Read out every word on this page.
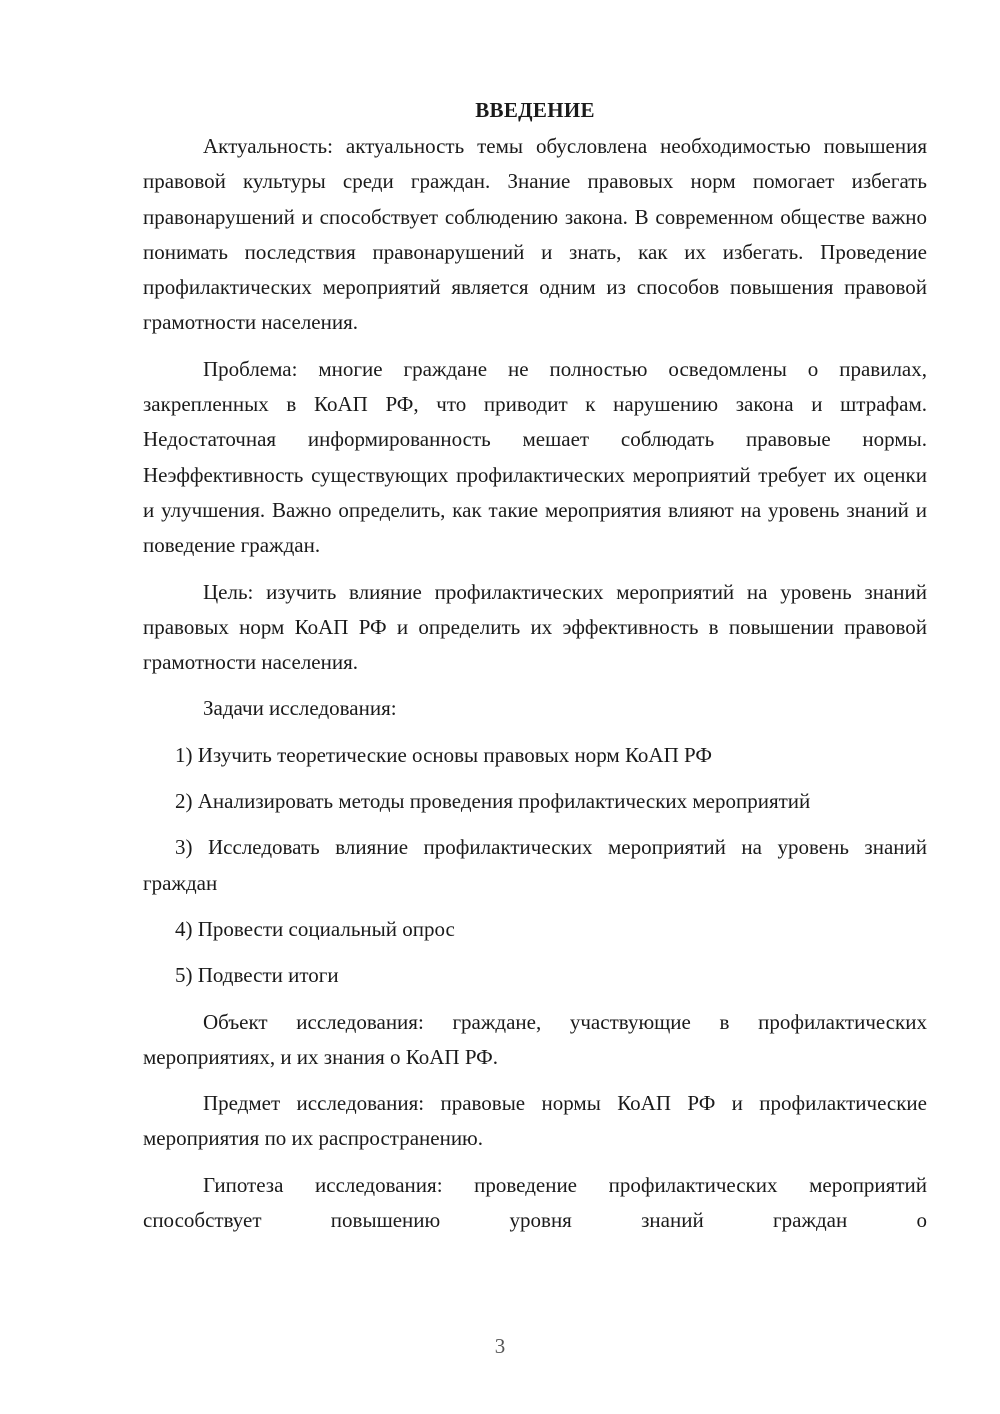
ВВЕДЕНИЕ

Актуальность: актуальность темы обусловлена необходимостью повышения правовой культуры среди граждан. Знание правовых норм помогает избегать правонарушений и способствует соблюдению закона. В современном обществе важно понимать последствия правонарушений и знать, как их избегать. Проведение профилактических мероприятий является одним из способов повышения правовой грамотности населения.

Проблема: многие граждане не полностью осведомлены о правилах, закрепленных в КоАП РФ, что приводит к нарушению закона и штрафам. Недостаточная информированность мешает соблюдать правовые нормы. Неэффективность существующих профилактических мероприятий требует их оценки и улучшения. Важно определить, как такие мероприятия влияют на уровень знаний и поведение граждан.

Цель: изучить влияние профилактических мероприятий на уровень знаний правовых норм КоАП РФ и определить их эффективность в повышении правовой грамотности населения.

Задачи исследования:

1) Изучить теоретические основы правовых норм КоАП РФ

2) Анализировать методы проведения профилактических мероприятий

3) Исследовать влияние профилактических мероприятий на уровень знаний граждан

4) Провести социальный опрос

5) Подвести итоги

Объект исследования: граждане, участвующие в профилактических мероприятиях, и их знания о КоАП РФ.

Предмет исследования: правовые нормы КоАП РФ и профилактические мероприятия по их распространению.

Гипотеза исследования: проведение профилактических мероприятий способствует повышению уровня знаний граждан о

3
